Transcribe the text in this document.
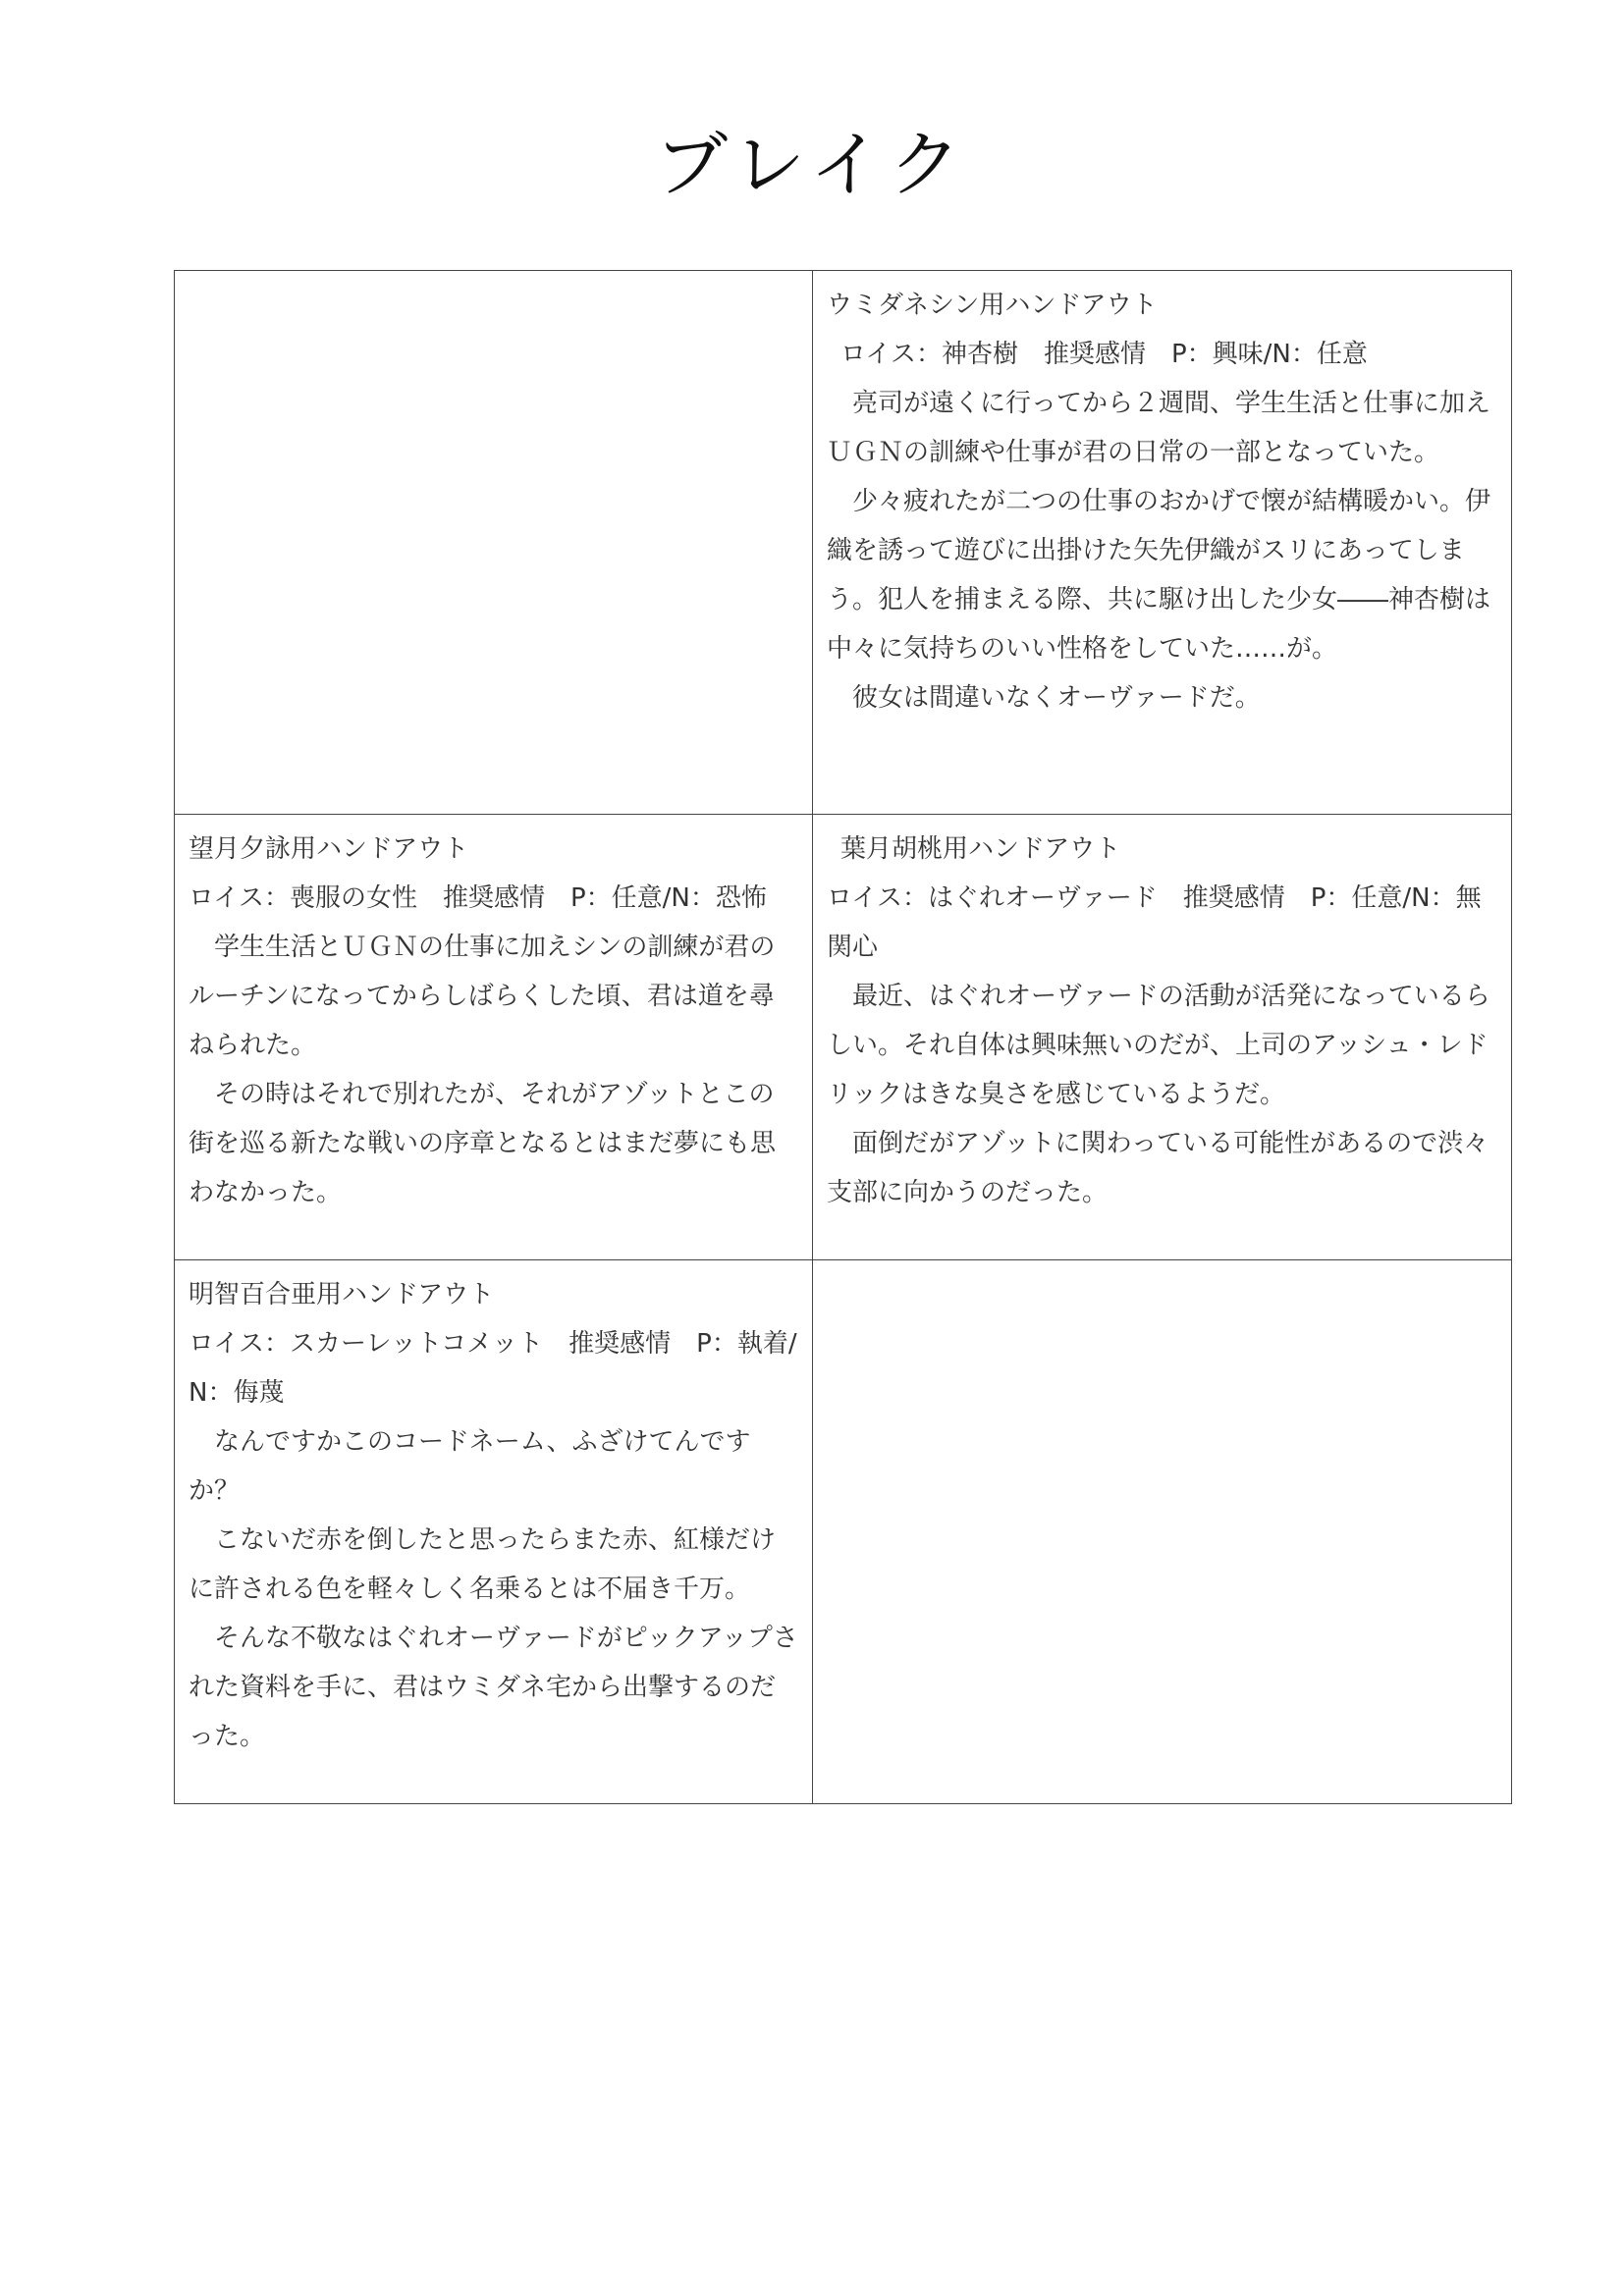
ブレイク

	ウミダネシン用ハンドアウト
ロイス：神杏樹　推奨感情　P：興味/N：任意
亮司が遠くに行ってから２週間、学生生活と仕事に加えＵＧＮの訓練や仕事が君の日常の一部となっていた。
少々疲れたが二つの仕事のおかげで懐が結構暖かい。伊織を誘って遊びに出掛けた矢先伊織がスリにあってしまう。犯人を捕まえる際、共に駆け出した少女――神杏樹は中々に気持ちのいい性格をしていた……が。
彼女は間違いなくオーヴァードだ。

望月夕詠用ハンドアウト
ロイス：喪服の女性　推奨感情　P：任意/N：恐怖
学生生活とＵＧＮの仕事に加えシンの訓練が君のルーチンになってからしばらくした頃、君は道を尋ねられた。
その時はそれで別れたが、それがアゾットとこの街を巡る新たな戦いの序章となるとはまだ夢にも思わなかった。	葉月胡桃用ハンドアウト
ロイス：はぐれオーヴァード　推奨感情　P：任意/N：無関心
最近、はぐれオーヴァードの活動が活発になっているらしい。それ自体は興味無いのだが、上司のアッシュ・レドリックはきな臭さを感じているようだ。
面倒だがアゾットに関わっている可能性があるので渋々支部に向かうのだった。

明智百合亜用ハンドアウト
ロイス：スカーレットコメット　推奨感情　P：執着/N：侮蔑
なんですかこのコードネーム、ふざけてんですか？
こないだ赤を倒したと思ったらまた赤、紅様だけに許される色を軽々しく名乗るとは不届き千万。
そんな不敬なはぐれオーヴァードがピックアップされた資料を手に、君はウミダネ宅から出撃するのだった。	
